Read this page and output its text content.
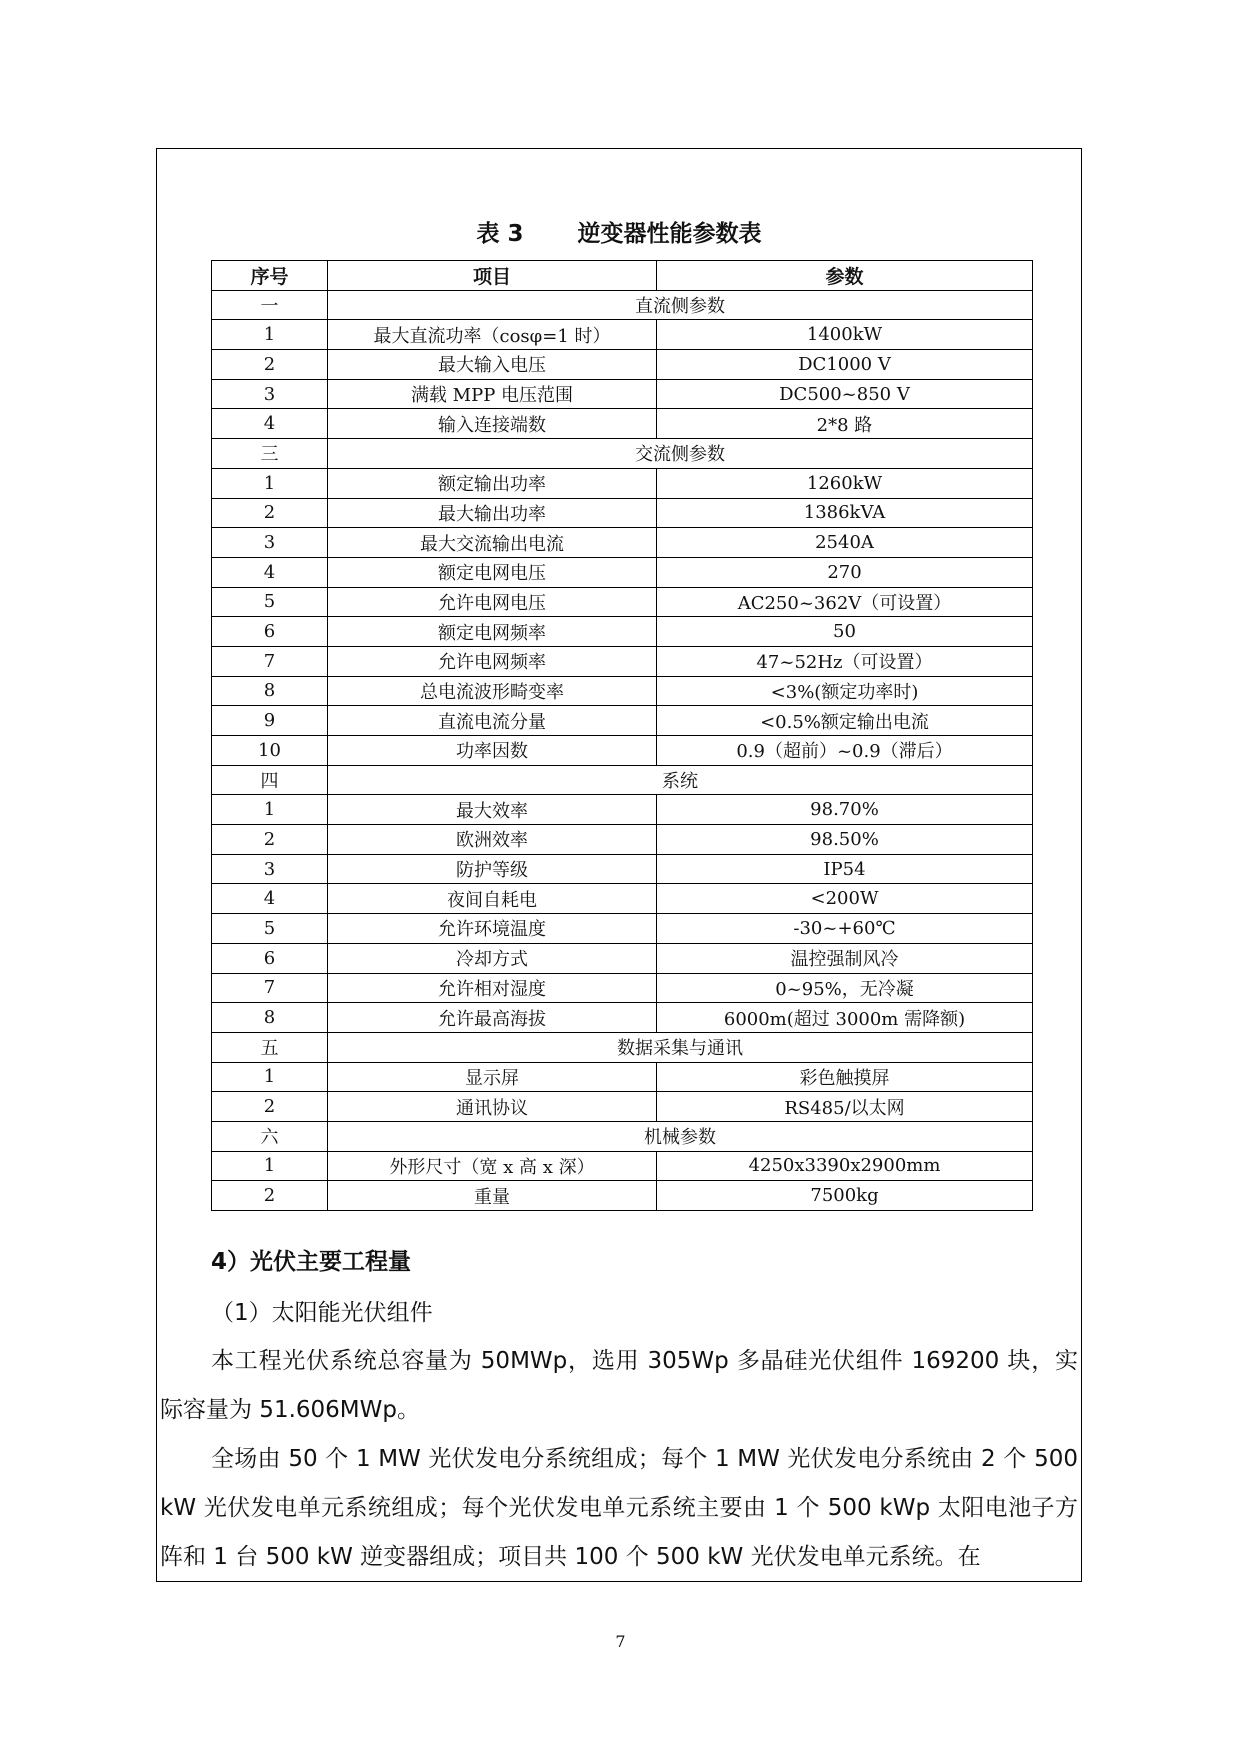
表 3 逆变器性能参数表
序号	项目	参数
一	直流侧参数	
1	最大直流功率（cosφ=1 时）	1400kW
2	最大输入电压	DC1000 V
3	满载 MPP 电压范围	DC500~850 V
4	输入连接端数	2*8 路
三	交流侧参数	
1	额定输出功率	1260kW
2	最大输出功率	1386kVA
3	最大交流输出电流	2540A
4	额定电网电压	270
5	允许电网电压	AC250~362V（可设置）
6	额定电网频率	50
7	允许电网频率	47~52Hz（可设置）
8	总电流波形畸变率	<3%(额定功率时)
9	直流电流分量	<0.5%额定输出电流
10	功率因数	0.9（超前）~0.9（滞后）
四	系统	
1	最大效率	98.70%
2	欧洲效率	98.50%
3	防护等级	IP54
4	夜间自耗电	<200W
5	允许环境温度	-30~+60℃
6	冷却方式	温控强制风冷
7	允许相对湿度	0~95%，无冷凝
8	允许最高海拔	6000m(超过 3000m 需降额)
五	数据采集与通讯	
1	显示屏	彩色触摸屏
2	通讯协议	RS485/以太网
六	机械参数	
1	外形尺寸（宽 x 高 x 深）	4250x3390x2900mm
2	重量	7500kg
4）光伏主要工程量
（1）太阳能光伏组件

本工程光伏系统总容量为 50MWp，选用 305Wp 多晶硅光伏组件 169200 块，实际容量为 51.606MWp。

全场由 50 个 1 MW 光伏发电分系统组成；每个 1 MW 光伏发电分系统由 2 个 500 kW 光伏发电单元系统组成；每个光伏发电单元系统主要由 1 个 500 kWp 太阳电池子方阵和 1 台 500 kW 逆变器组成；项目共 100 个 500 kW 光伏发电单元系统。在

7
